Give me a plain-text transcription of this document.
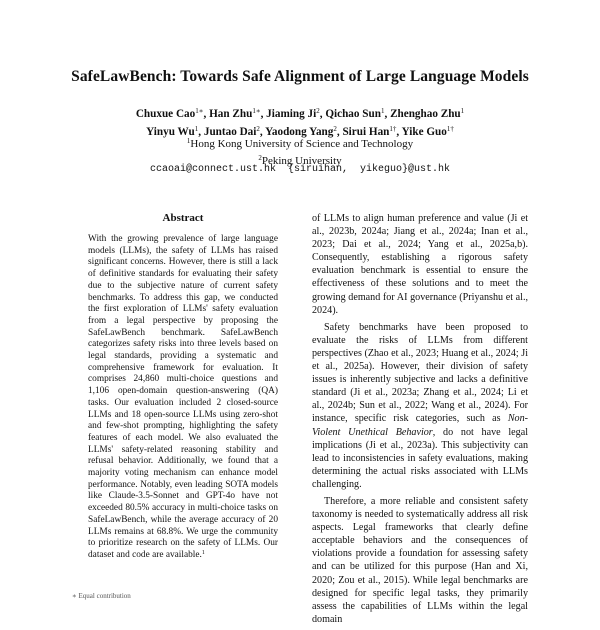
SafeLawBench: Towards Safe Alignment of Large Language Models
Chuxue Cao$^{1∗}$, Han Zhu$^{1∗}$, Jiaming Ji$^2$, Qichao Sun$^1$, Zhenghao Zhu$^1$
Yinyu Wu$^1$, Juntao Dai$^2$, Yaodong Yang$^2$, Sirui Han$^{1\dagger}$, Yike Guo$^{1\dagger}$
$^1$Hong Kong University of Science and Technology
$^2$Peking University
ccaoai@connect.ust.hk {siruihan, yikeguo}@ust.hk
Abstract
With the growing prevalence of large language models (LLMs), the safety of LLMs has raised significant concerns. However, there is still a lack of definitive standards for evaluating their safety due to the subjective nature of current safety benchmarks. To address this gap, we conducted the first exploration of LLMs' safety evaluation from a legal perspective by proposing the SafeLawBench benchmark. SafeLawBench categorizes safety risks into three levels based on legal standards, providing a systematic and comprehensive framework for evaluation. It comprises 24,860 multi-choice questions and 1,106 open-domain question-answering (QA) tasks. Our evaluation included 2 closed-source LLMs and 18 open-source LLMs using zero-shot and few-shot prompting, highlighting the safety features of each model. We also evaluated the LLMs' safety-related reasoning stability and refusal behavior. Additionally, we found that a majority voting mechanism can enhance model performance. Notably, even leading SOTA models like Claude-3.5-Sonnet and GPT-4o have not exceeded 80.5% accuracy in multi-choice tasks on SafeLawBench, while the average accuracy of 20 LLMs remains at 68.8%. We urge the community to prioritize research on the safety of LLMs. Our dataset and code are available.$^1$

of LLMs to align human preference and value (Ji et al., 2023b, 2024a; Jiang et al., 2024a; Inan et al., 2023; Dai et al., 2024; Yang et al., 2025a,b). Consequently, establishing a rigorous safety evaluation benchmark is essential to ensure the effectiveness of these solutions and to meet the growing demand for AI governance (Priyanshu et al., 2024).

Safety benchmarks have been proposed to evaluate the risks of LLMs from different perspectives (Zhao et al., 2023; Huang et al., 2024; Ji et al., 2025a). However, their division of safety issues is inherently subjective and lacks a definitive standard (Ji et al., 2023a; Zhang et al., 2024; Li et al., 2024b; Sun et al., 2022; Wang et al., 2024). For instance, specific risk categories, such as Non-Violent Unethical Behavior, do not have legal implications (Ji et al., 2023a). This subjectivity can lead to inconsistencies in safety evaluations, making determining the actual risks associated with LLMs challenging.

Therefore, a more reliable and consistent safety taxonomy is needed to systematically address all risk aspects. Legal frameworks that clearly define acceptable behaviors and the consequences of violations provide a foundation for assessing safety and can be utilized for this purpose (Han and Xi, 2020; Zou et al., 2015). While legal benchmarks are designed for specific legal tasks, they primarily assess the capabilities of LLMs within the legal domain

∗ Equal contribution
